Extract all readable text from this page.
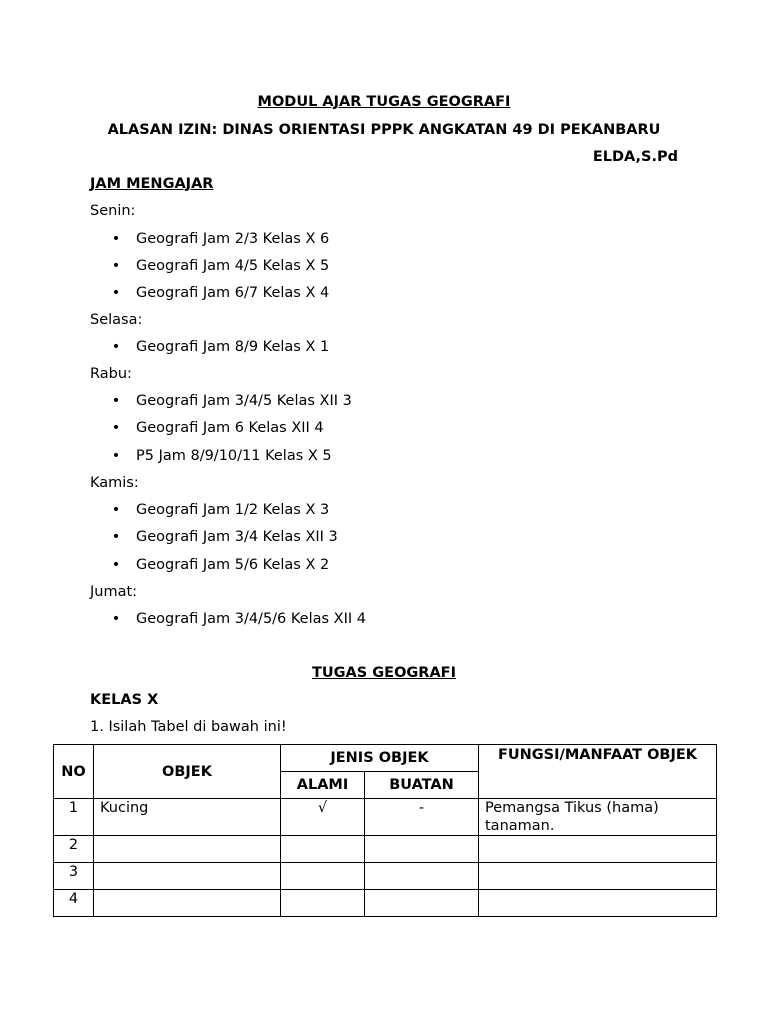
MODUL AJAR TUGAS GEOGRAFI
ALASAN IZIN: DINAS ORIENTASI PPPK ANGKATAN 49 DI PEKANBARU
ELDA,S.Pd
JAM MENGAJAR
Senin:
• Geografi Jam 2/3 Kelas X 6
• Geografi Jam 4/5 Kelas X 5
• Geografi Jam 6/7 Kelas X 4
Selasa:
• Geografi Jam 8/9 Kelas X 1
Rabu:
• Geografi Jam 3/4/5 Kelas XII 3
• Geografi Jam 6 Kelas XII 4
• P5 Jam 8/9/10/11 Kelas X 5
Kamis:
• Geografi Jam 1/2 Kelas X 3
• Geografi Jam 3/4 Kelas XII 3
• Geografi Jam 5/6 Kelas X 2
Jumat:
• Geografi Jam 3/4/5/6 Kelas XII 4
TUGAS GEOGRAFI
KELAS X
1. Isilah Tabel di bawah ini!
NO	OBJEK	JENIS OBJEK		FUNGSI/MANFAAT OBJEK
		ALAMI	BUATAN	
1	Kucing	√	-	Pemangsa Tikus (hama) tanaman.
2				
3				
4				
